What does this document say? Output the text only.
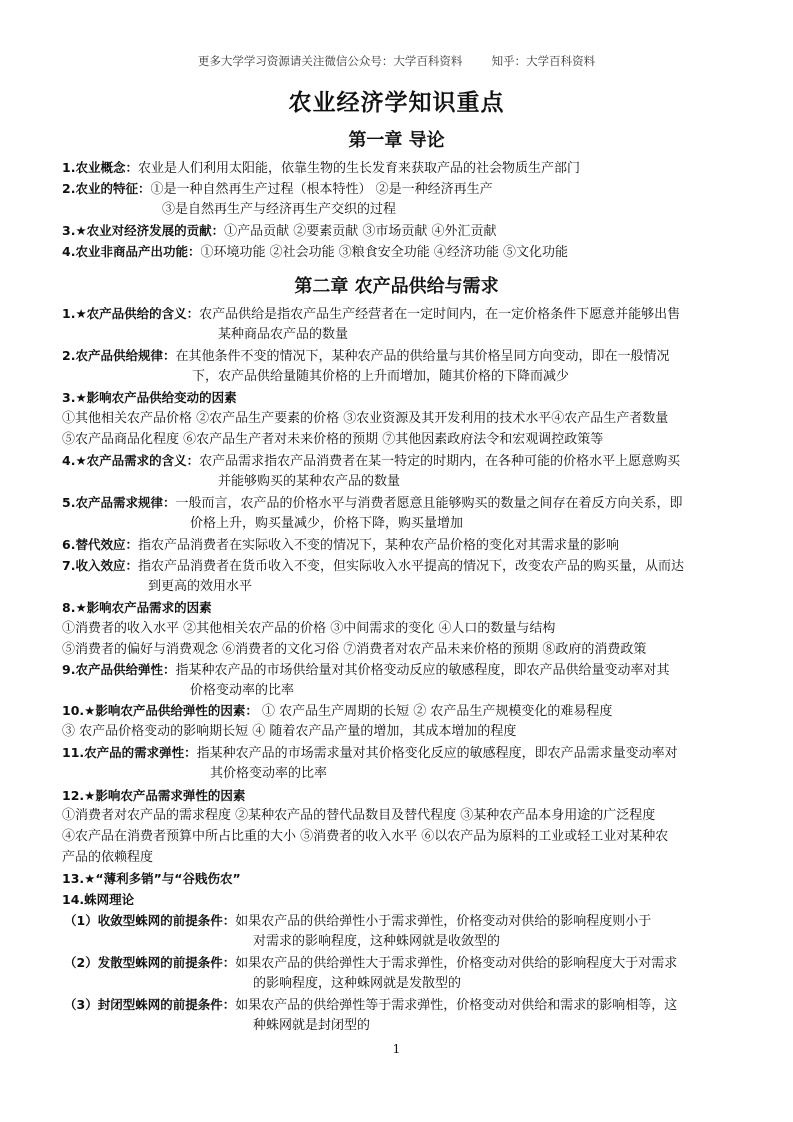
更多大学学习资源请关注微信公众号：大学百科资料        知乎：大学百科资料
农业经济学知识重点
第一章 导论
1.农业概念：农业是人们利用太阳能，依靠生物的生长发育来获取产品的社会物质生产部门
2.农业的特征：①是一种自然再生产过程（根本特性） ②是一种经济再生产
③是自然再生产与经济再生产交织的过程
3.★农业对经济发展的贡献：①产品贡献 ②要素贡献 ③市场贡献 ④外汇贡献
4.农业非商品产出功能：①环境功能 ②社会功能 ③粮食安全功能 ④经济功能 ⑤文化功能
第二章 农产品供给与需求
1.★农产品供给的含义：农产品供给是指农产品生产经营者在一定时间内，在一定价格条件下愿意并能够出售
某种商品农产品的数量
2.农产品供给规律：在其他条件不变的情况下，某种农产品的供给量与其价格呈同方向变动，即在一般情况
下，农产品供给量随其价格的上升而增加，随其价格的下降而减少
3.★影响农产品供给变动的因素
①其他相关农产品价格 ②农产品生产要素的价格 ③农业资源及其开发利用的技术水平④农产品生产者数量
⑤农产品商品化程度 ⑥农产品生产者对未来价格的预期 ⑦其他因素政府法令和宏观调控政策等
4.★农产品需求的含义：农产品需求指农产品消费者在某一特定的时期内，在各种可能的价格水平上愿意购买
并能够购买的某种农产品的数量
5.农产品需求规律：一般而言，农产品的价格水平与消费者愿意且能够购买的数量之间存在着反方向关系，即
价格上升，购买量减少，价格下降，购买量增加
6.替代效应：指农产品消费者在实际收入不变的情况下，某种农产品价格的变化对其需求量的影响
7.收入效应：指农产品消费者在货币收入不变，但实际收入水平提高的情况下，改变农产品的购买量，从而达
到更高的效用水平
8.★影响农产品需求的因素
①消费者的收入水平 ②其他相关农产品的价格 ③中间需求的变化 ④人口的数量与结构
⑤消费者的偏好与消费观念 ⑥消费者的文化习俗 ⑦消费者对农产品未来价格的预期 ⑧政府的消费政策
9.农产品供给弹性：指某种农产品的市场供给量对其价格变动反应的敏感程度，即农产品供给量变动率对其
价格变动率的比率
10.★影响农产品供给弹性的因素： ① 农产品生产周期的长短 ② 农产品生产规模变化的难易程度
③ 农产品价格变动的影响期长短 ④ 随着农产品产量的增加，其成本增加的程度
11.农产品的需求弹性：指某种农产品的市场需求量对其价格变化反应的敏感程度，即农产品需求量变动率对
其价格变动率的比率
12.★影响农产品需求弹性的因素
①消费者对农产品的需求程度 ②某种农产品的替代品数目及替代程度 ③某种农产品本身用途的广泛程度
④农产品在消费者预算中所占比重的大小 ⑤消费者的收入水平 ⑥以农产品为原料的工业或轻工业对某种农
产品的依赖程度
13.★“薄利多销”与“谷贱伤农”
14.蛛网理论
（1）收敛型蛛网的前提条件：如果农产品的供给弹性小于需求弹性，价格变动对供给的影响程度则小于
对需求的影响程度，这种蛛网就是收敛型的
（2）发散型蛛网的前提条件：如果农产品的供给弹性大于需求弹性，价格变动对供给的影响程度大于对需求
的影响程度，这种蛛网就是发散型的
（3）封闭型蛛网的前提条件：如果农产品的供给弹性等于需求弹性，价格变动对供给和需求的影响相等，这
种蛛网就是封闭型的
1
